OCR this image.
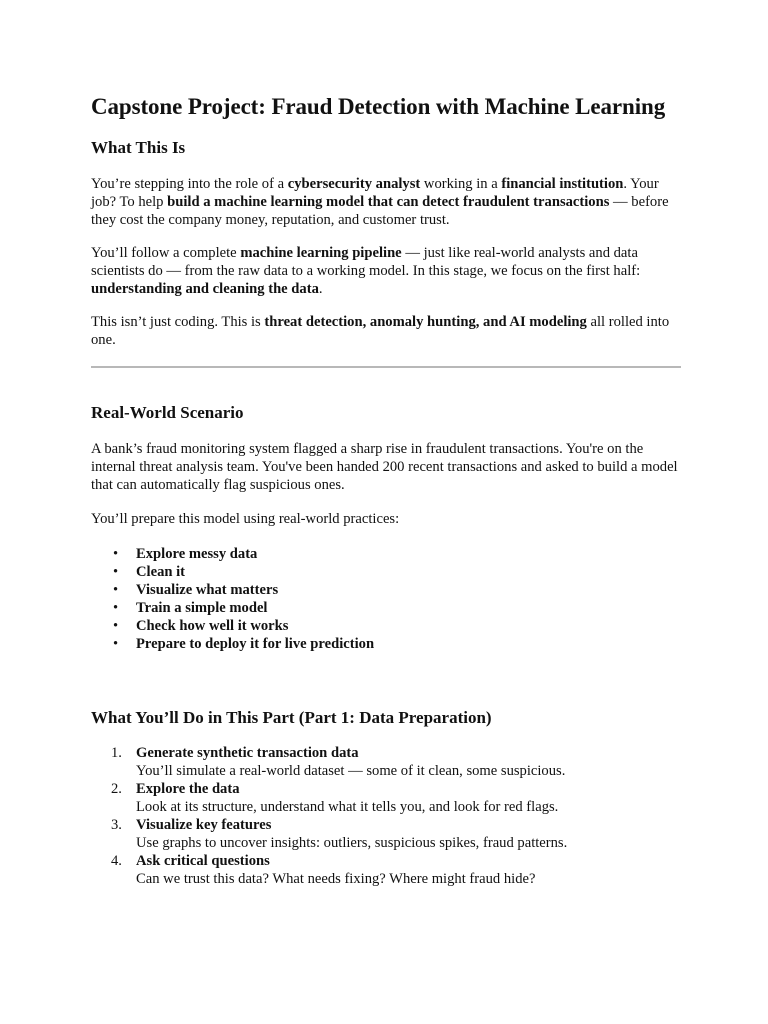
Capstone Project: Fraud Detection with Machine Learning
What This Is

You’re stepping into the role of a cybersecurity analyst working in a financial institution. Your job? To help build a machine learning model that can detect fraudulent transactions — before they cost the company money, reputation, and customer trust.

You’ll follow a complete machine learning pipeline — just like real-world analysts and data scientists do — from the raw data to a working model. In this stage, we focus on the first half: understanding and cleaning the data.

This isn’t just coding. This is threat detection, anomaly hunting, and AI modeling all rolled into one.

Real-World Scenario

A bank’s fraud monitoring system flagged a sharp rise in fraudulent transactions. You're on the internal threat analysis team. You've been handed 200 recent transactions and asked to build a model that can automatically flag suspicious ones.

You’ll prepare this model using real-world practices:

• Explore messy data
• Clean it
• Visualize what matters
• Train a simple model
• Check how well it works
• Prepare to deploy it for live prediction
What You’ll Do in This Part (Part 1: Data Preparation)
1. Generate synthetic transaction data
You’ll simulate a real-world dataset — some of it clean, some suspicious.
2. Explore the data
Look at its structure, understand what it tells you, and look for red flags.
3. Visualize key features
Use graphs to uncover insights: outliers, suspicious spikes, fraud patterns.
4. Ask critical questions
Can we trust this data? What needs fixing? Where might fraud hide?
